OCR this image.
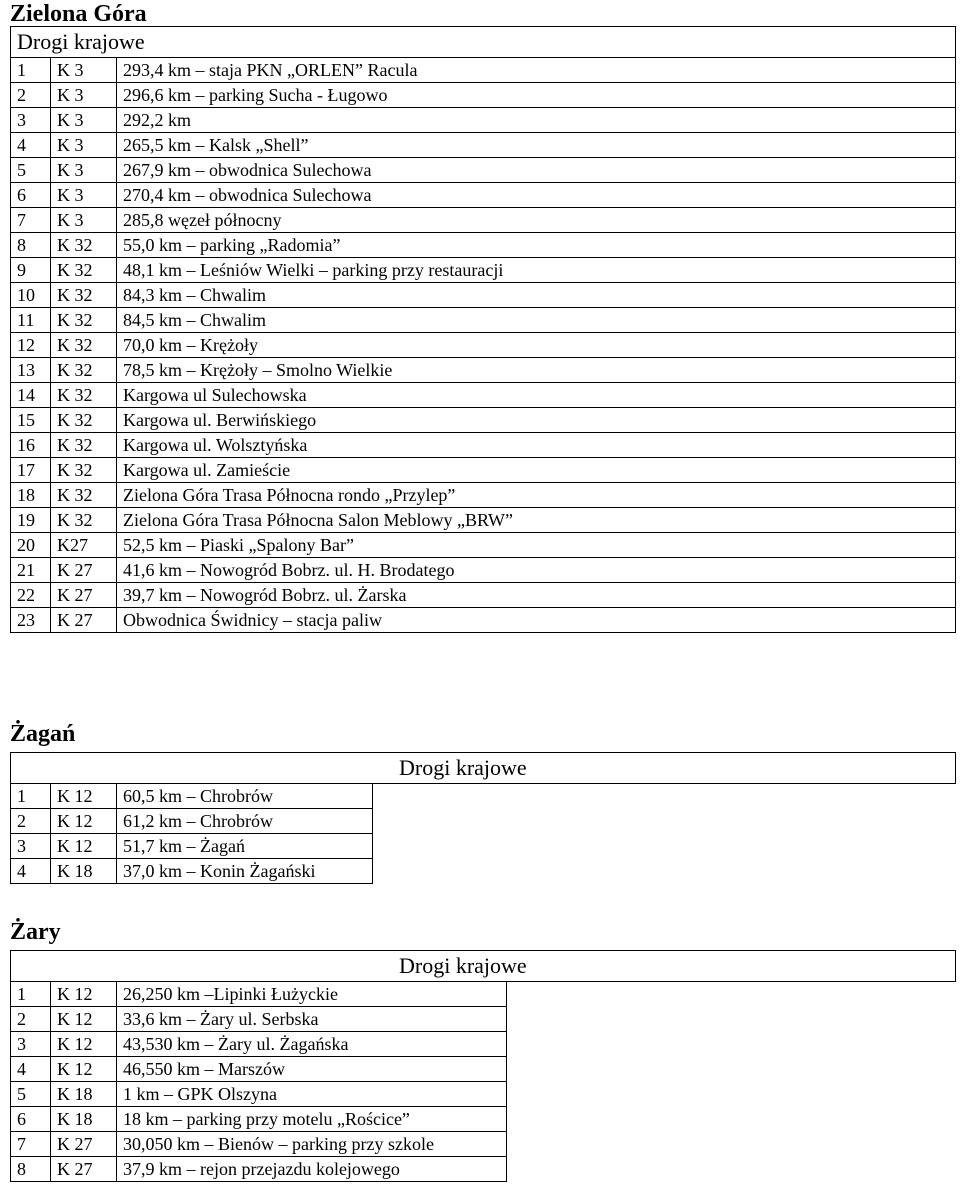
Zielona Góra
Drogi krajowe		
1	K 3	293,4 km – staja PKN „ORLEN” Racula
2	K 3	296,6 km – parking Sucha - Ługowo
3	K 3	292,2 km
4	K 3	265,5 km – Kalsk „Shell”
5	K 3	267,9 km – obwodnica Sulechowa
6	K 3	270,4 km – obwodnica Sulechowa
7	K 3	285,8 węzeł północny
8	K 32	55,0 km – parking „Radomia”
9	K 32	48,1 km – Leśniów Wielki – parking przy restauracji
10	K 32	84,3 km – Chwalim
11	K 32	84,5 km – Chwalim
12	K 32	70,0 km – Krężoły
13	K 32	78,5 km – Krężoły – Smolno Wielkie
14	K 32	Kargowa ul Sulechowska
15	K 32	Kargowa ul. Berwińskiego
16	K 32	Kargowa ul. Wolsztyńska
17	K 32	Kargowa ul. Zamieście
18	K 32	Zielona Góra Trasa Północna rondo „Przylep”
19	K 32	Zielona Góra Trasa Północna Salon Meblowy „BRW”
20	K27	52,5 km – Piaski „Spalony Bar”
21	K 27	41,6 km – Nowogród Bobrz. ul. H. Brodatego
22	K 27	39,7 km – Nowogród Bobrz. ul. Żarska
23	K 27	Obwodnica Świdnicy – stacja paliw
Żagań
Drogi krajowe			
1	K 12	60,5 km – Chrobrów	
2	K 12	61,2 km – Chrobrów	
3	K 12	51,7 km – Żagań	
4	K 18	37,0 km – Konin Żagański	
Żary
Drogi krajowe			
1	K 12	26,250 km –Lipinki Łużyckie	
2	K 12	33,6 km – Żary ul. Serbska	
3	K 12	43,530 km – Żary ul. Żagańska	
4	K 12	46,550 km – Marszów	
5	K 18	1 km – GPK Olszyna	
6	K 18	18 km – parking przy motelu „Rościce”	
7	K 27	30,050 km – Bienów – parking przy szkole	
8	K 27	37,9 km – rejon przejazdu kolejowego	
